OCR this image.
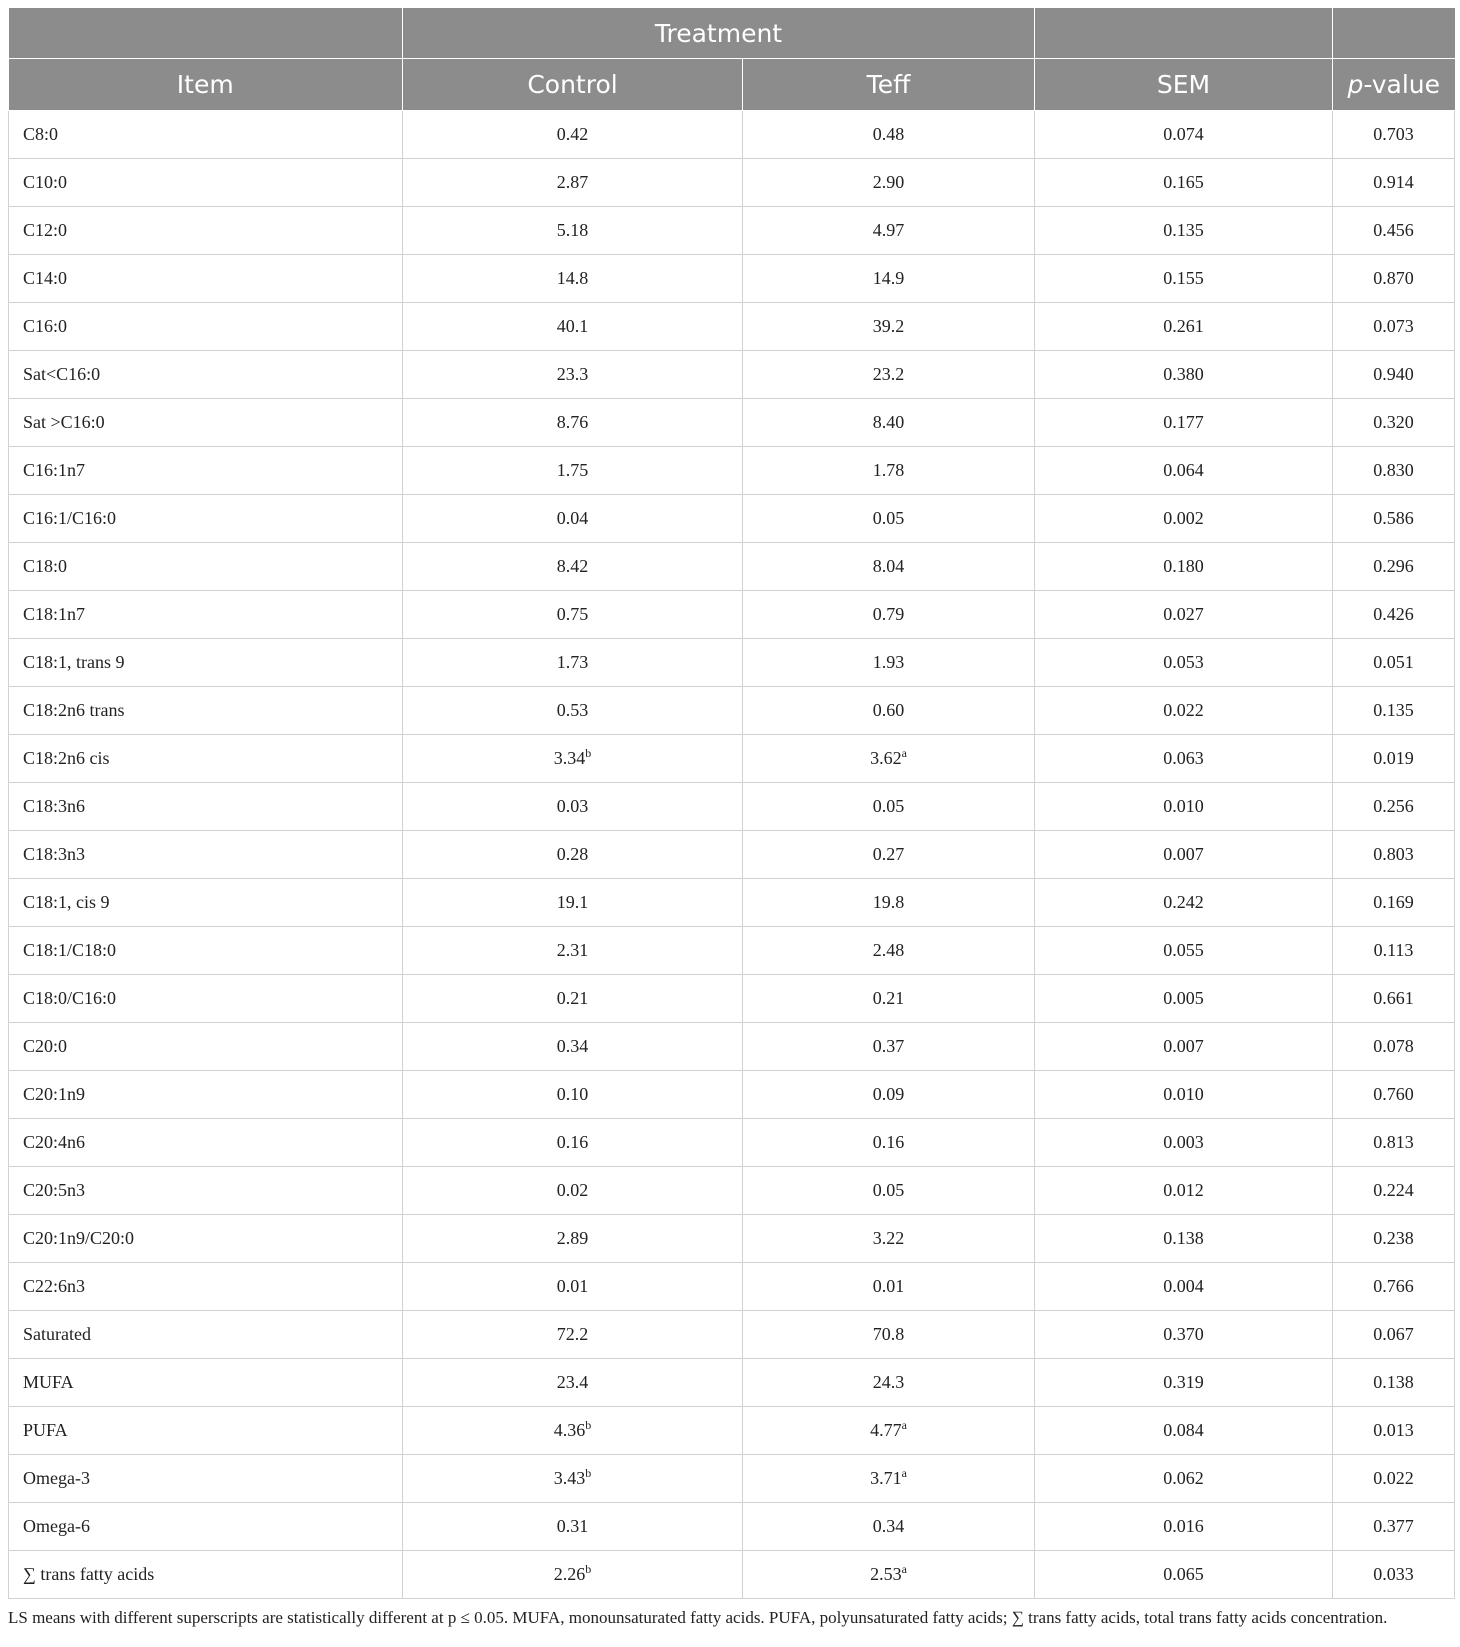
	Treatment			
Item	Control	Teff	SEM	p-value
C8:0	0.42	0.48	0.074	0.703
C10:0	2.87	2.90	0.165	0.914
C12:0	5.18	4.97	0.135	0.456
C14:0	14.8	14.9	0.155	0.870
C16:0	40.1	39.2	0.261	0.073
Sat<C16:0	23.3	23.2	0.380	0.940
Sat >C16:0	8.76	8.40	0.177	0.320
C16:1n7	1.75	1.78	0.064	0.830
C16:1/C16:0	0.04	0.05	0.002	0.586
C18:0	8.42	8.04	0.180	0.296
C18:1n7	0.75	0.79	0.027	0.426
C18:1, trans 9	1.73	1.93	0.053	0.051
C18:2n6 trans	0.53	0.60	0.022	0.135
C18:2n6 cis	3.34$^b$	3.62$^a$	0.063	0.019
C18:3n6	0.03	0.05	0.010	0.256
C18:3n3	0.28	0.27	0.007	0.803
C18:1, cis 9	19.1	19.8	0.242	0.169
C18:1/C18:0	2.31	2.48	0.055	0.113
C18:0/C16:0	0.21	0.21	0.005	0.661
C20:0	0.34	0.37	0.007	0.078
C20:1n9	0.10	0.09	0.010	0.760
C20:4n6	0.16	0.16	0.003	0.813
C20:5n3	0.02	0.05	0.012	0.224
C20:1n9/C20:0	2.89	3.22	0.138	0.238
C22:6n3	0.01	0.01	0.004	0.766
Saturated	72.2	70.8	0.370	0.067
MUFA	23.4	24.3	0.319	0.138
PUFA	4.36$^b$	4.77$^a$	0.084	0.013
Omega-3	3.43$^b$	3.71$^a$	0.062	0.022
Omega-6	0.31	0.34	0.016	0.377
∑ trans fatty acids	2.26$^b$	2.53$^a$	0.065	0.033
LS means with different superscripts are statistically different at p ≤ 0.05. MUFA, monounsaturated fatty acids. PUFA, polyunsaturated fatty acids; ∑ trans fatty acids, total trans fatty acids concentration.
